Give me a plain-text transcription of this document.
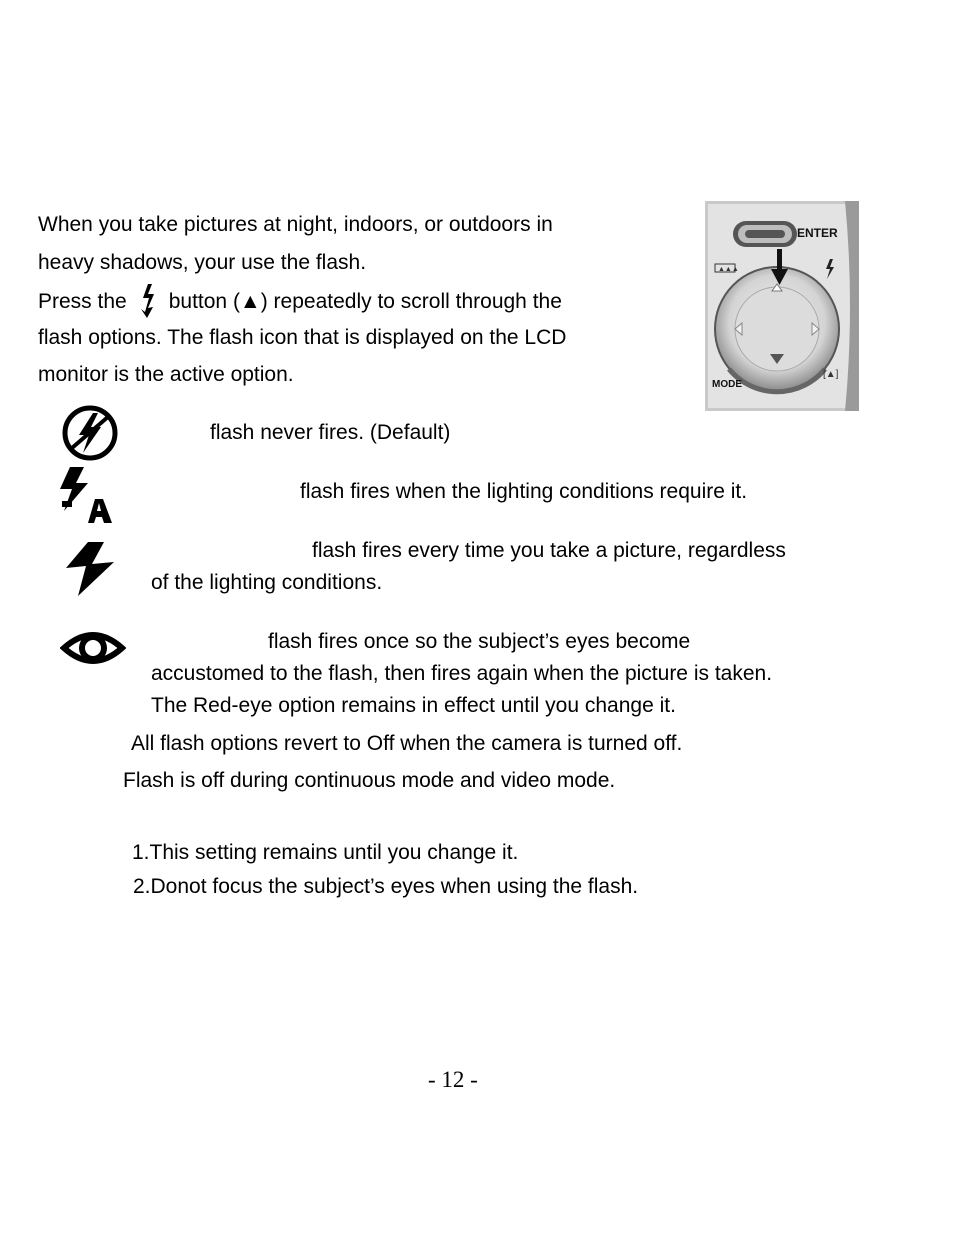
When you take pictures at night, indoors, or outdoors in
heavy shadows, your use the flash.
Press the button (▲) repeatedly to scroll through the
flash options. The flash icon that is displayed on the LCD
monitor is the active option.
ENTER
▲▲▲
[▲]
MODE
flash never fires. (Default)
flash fires when the lighting conditions require it.
flash fires every time you take a picture, regardless
of the lighting conditions.
flash fires once so the subject’s eyes become
accustomed to the flash, then fires again when the picture is taken.
The Red-eye option remains in effect until you change it.
All flash options revert to Off when the camera is turned off.
Flash is off during continuous mode and video mode.
1.This setting remains until you change it.
2.Donot focus the subject’s eyes when using the flash.
- 12 -
